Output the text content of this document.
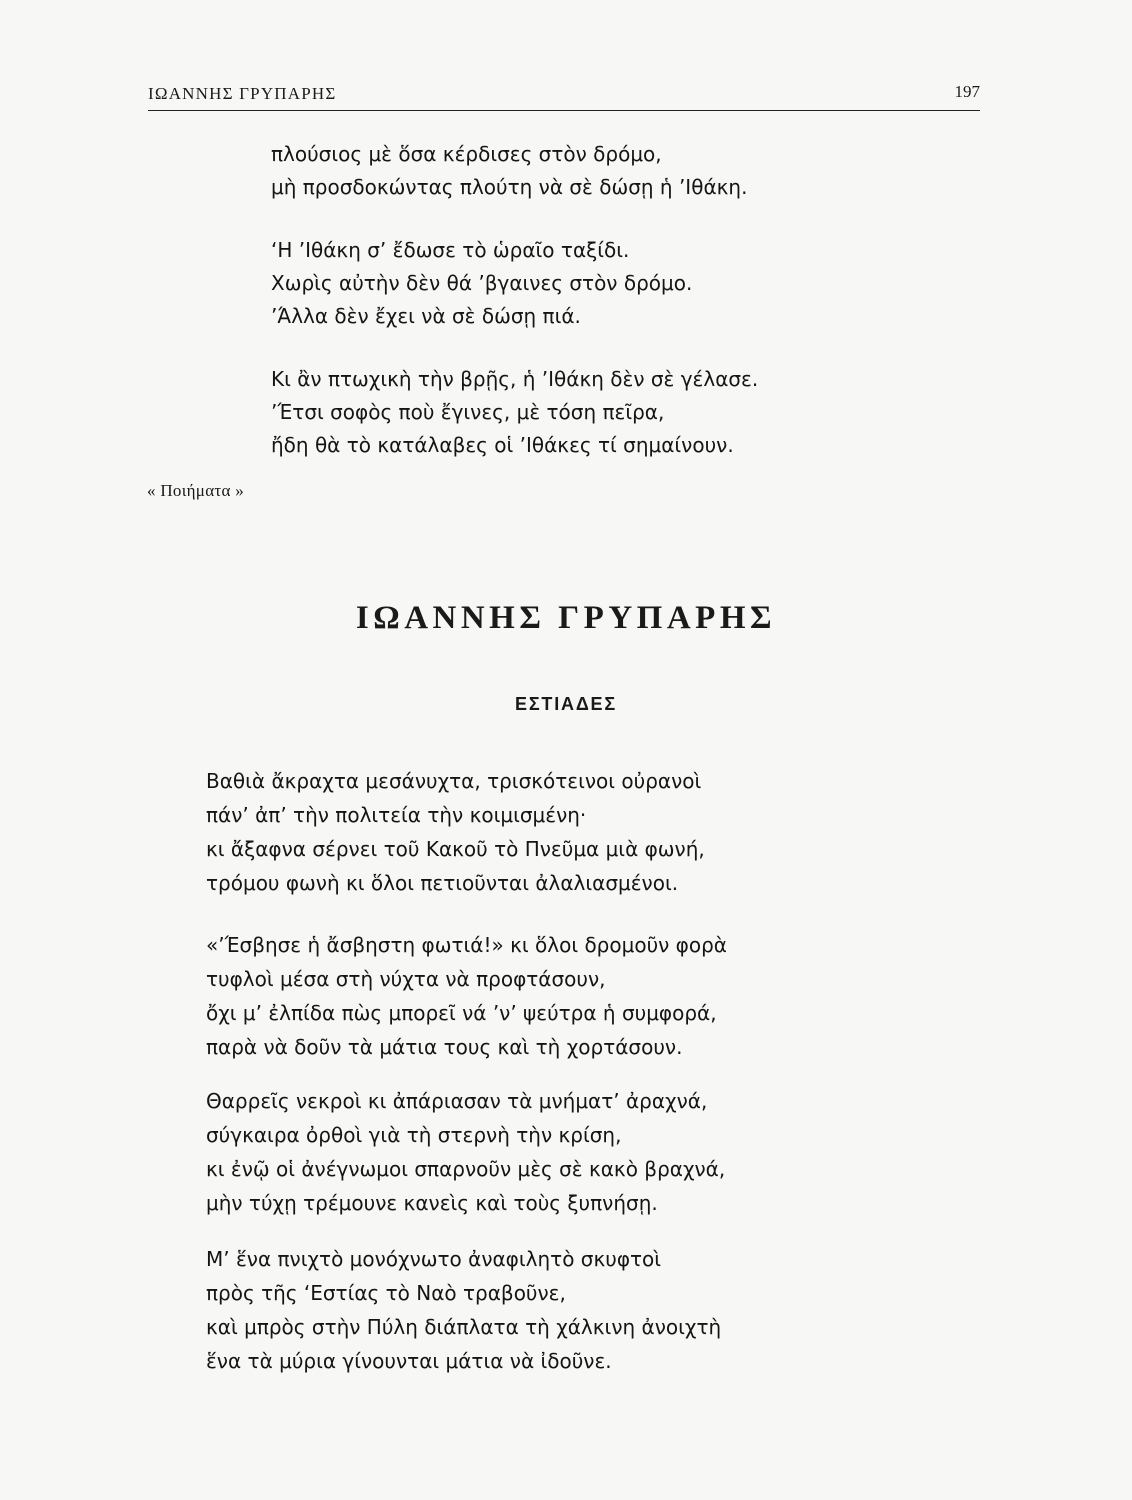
ΙΩΑΝΝΗΣ ΓΡΥΠΑΡΗΣ	197
πλούσιος μὲ ὅσα κέρδισες στὸν δρόμο,
μὴ προσδοκώντας πλούτη νὰ σὲ δώσῃ ἡ ’Ιθάκη.
‘Η ’Ιθάκη σ’ ἔδωσε τὸ ὡραῖο ταξίδι.
Χωρὶς αὐτὴν δὲν θά ’βγαινες στὸν δρόμο.
’Άλλα δὲν ἔχει νὰ σὲ δώσῃ πιά.
Κι ἂν πτωχικὴ τὴν βρῇς, ἡ ’Ιθάκη δὲν σὲ γέλασε.
’Έτσι σοφὸς ποὺ ἔγινες, μὲ τόση πεῖρα,
ἤδη θὰ τὸ κατάλαβες οἱ ’Ιθάκες τί σημαίνουν.
« Ποιήματα »
ΙΩΑΝΝΗΣ ΓΡΥΠΑΡΗΣ
ΕΣΤΙΑΔΕΣ
Βαθιὰ ἄκραχτα μεσάνυχτα, τρισκότεινοι οὐρανοὶ
πάν’ ἀπ’ τὴν πολιτεία τὴν κοιμισμένη·
κι ἄξαφνα σέρνει τοῦ Κακοῦ τὸ Πνεῦμα μιὰ φωνή,
τρόμου φωνὴ κι ὅλοι πετιοῦνται ἀλαλιασμένοι.
«’Έσβησε ἡ ἄσβηστη φωτιά!» κι ὅλοι δρομοῦν φορὰ
τυφλοὶ μέσα στὴ νύχτα νὰ προφτάσουν,
ὄχι μ’ ἐλπίδα πὼς μπορεῖ νά ’ν’ ψεύτρα ἡ συμφορά,
παρὰ νὰ δοῦν τὰ μάτια τους καὶ τὴ χορτάσουν.
Θαρρεῖς νεκροὶ κι ἀπάριασαν τὰ μνήματ’ ἀραχνά,
σύγκαιρα ὀρθοὶ γιὰ τὴ στερνὴ τὴν κρίση,
κι ἐνῷ οἱ ἀνέγνωμοι σπαρνοῦν μὲς σὲ κακὸ βραχνά,
μὴν τύχῃ τρέμουνε κανεὶς καὶ τοὺς ξυπνήσῃ.
Μ’ ἕνα πνιχτὸ μονόχνωτο ἀναφιλητὸ σκυφτοὶ
πρὸς τῆς ‘Εστίας τὸ Ναὸ τραβοῦνε,
καὶ μπρὸς στὴν Πύλη διάπλατα τὴ χάλκινη ἀνοιχτὴ
ἕνα τὰ μύρια γίνουνται μάτια νὰ ἰδοῦνε.
